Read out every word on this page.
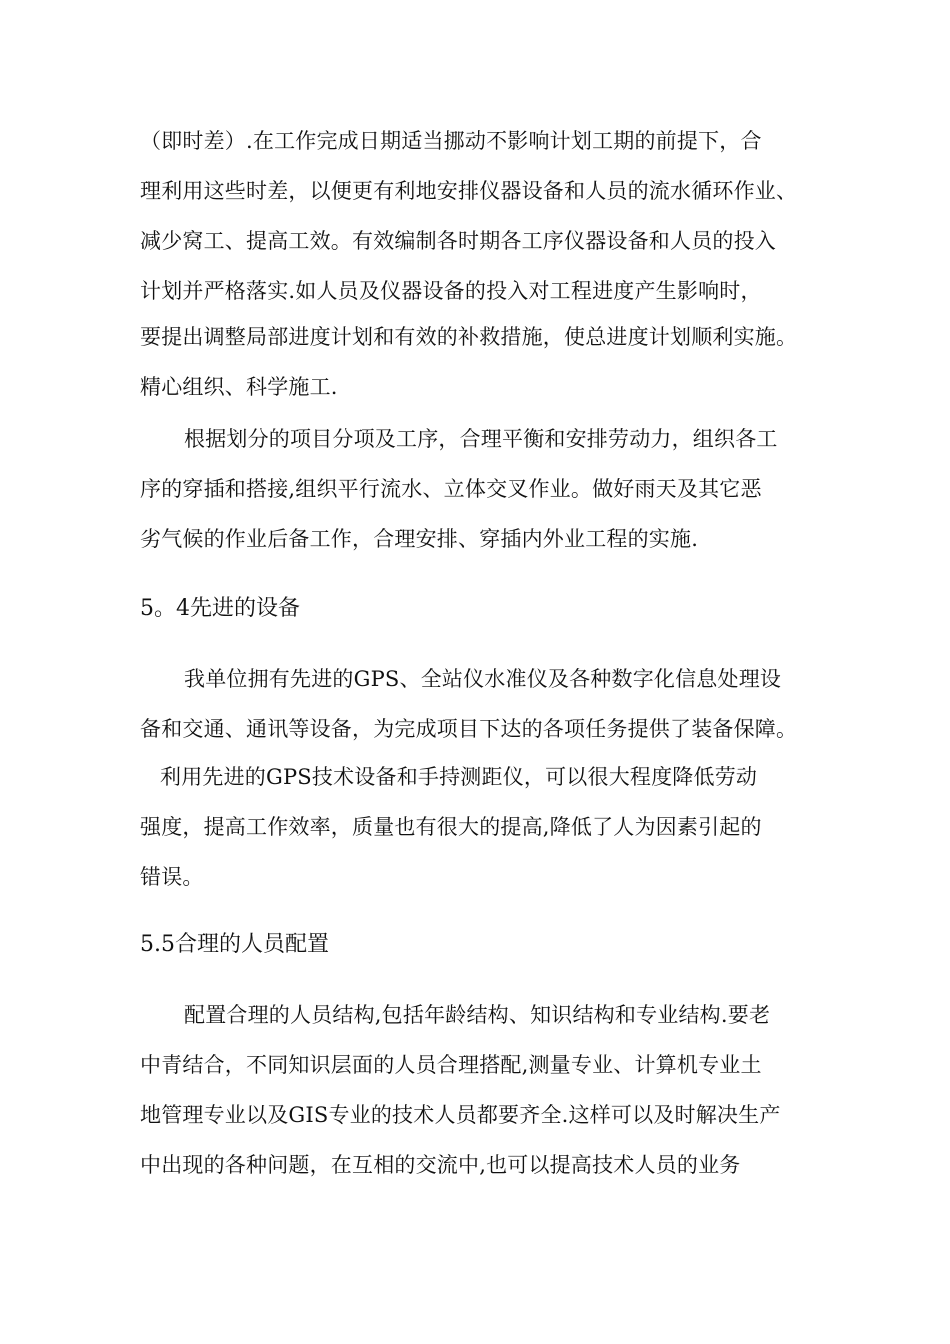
（即时差）.在工作完成日期适当挪动不影响计划工期的前提下，合
理利用这些时差，以便更有利地安排仪器设备和人员的流水循环作业、
减少窝工、提高工效。有效编制各时期各工序仪器设备和人员的投入
计划并严格落实.如人员及仪器设备的投入对工程进度产生影响时，
要提出调整局部进度计划和有效的补救措施，使总进度计划顺利实施。
精心组织、科学施工.
根据划分的项目分项及工序，合理平衡和安排劳动力，组织各工
序的穿插和搭接,组织平行流水、立体交叉作业。做好雨天及其它恶
劣气候的作业后备工作，合理安排、穿插内外业工程的实施.
5。4先进的设备
我单位拥有先进的GPS、全站仪水准仪及各种数字化信息处理设
备和交通、通讯等设备，为完成项目下达的各项任务提供了装备保障。
利用先进的GPS技术设备和手持测距仪，可以很大程度降低劳动
强度，提高工作效率，质量也有很大的提高,降低了人为因素引起的
错误。
5.5合理的人员配置
配置合理的人员结构,包括年龄结构、知识结构和专业结构.要老
中青结合，不同知识层面的人员合理搭配,测量专业、计算机专业土
地管理专业以及GIS专业的技术人员都要齐全.这样可以及时解决生产
中出现的各种问题，在互相的交流中,也可以提高技术人员的业务
